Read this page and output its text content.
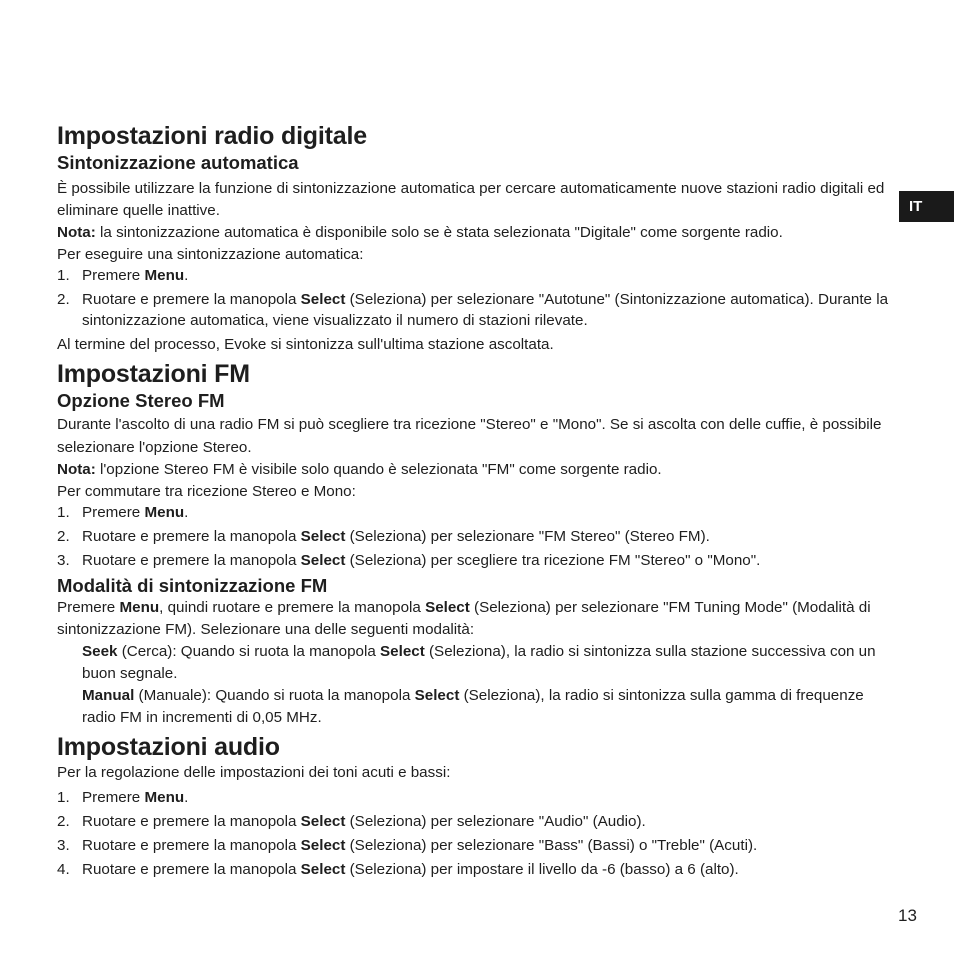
IT
Impostazioni radio digitale
Sintonizzazione automatica

È possibile utilizzare la funzione di sintonizzazione automatica per cercare automaticamente nuove stazioni radio digitali ed eliminare quelle inattive.

Nota: la sintonizzazione automatica è disponibile solo se è stata selezionata "Digitale" come sorgente radio.

Per eseguire una sintonizzazione automatica:

1. Premere Menu.
2. Ruotare e premere la manopola Select (Seleziona) per selezionare "Autotune" (Sintonizzazione automatica). Durante la sintonizzazione automatica, viene visualizzato il numero di stazioni rilevate.

Al termine del processo, Evoke si sintonizza sull'ultima stazione ascoltata.

Impostazioni FM
Opzione Stereo FM

Durante l'ascolto di una radio FM si può scegliere tra ricezione "Stereo" e "Mono". Se si ascolta con delle cuffie, è possibile selezionare l'opzione Stereo.

Nota: l'opzione Stereo FM è visibile solo quando è selezionata "FM" come sorgente radio.

Per commutare tra ricezione Stereo e Mono:

1. Premere Menu.
2. Ruotare e premere la manopola Select (Seleziona) per selezionare "FM Stereo" (Stereo FM).
3. Ruotare e premere la manopola Select (Seleziona) per scegliere tra ricezione FM "Stereo" o "Mono".
Modalità di sintonizzazione FM

Premere Menu, quindi ruotare e premere la manopola Select (Seleziona) per selezionare "FM Tuning Mode" (Modalità di sintonizzazione FM). Selezionare una delle seguenti modalità:

Seek (Cerca): Quando si ruota la manopola Select (Seleziona), la radio si sintonizza sulla stazione successiva con un buon segnale.

Manual (Manuale): Quando si ruota la manopola Select (Seleziona), la radio si sintonizza sulla gamma di frequenze radio FM in incrementi di 0,05 MHz.

Impostazioni audio

Per la regolazione delle impostazioni dei toni acuti e bassi:

1. Premere Menu.
2. Ruotare e premere la manopola Select (Seleziona) per selezionare "Audio" (Audio).
3. Ruotare e premere la manopola Select (Seleziona) per selezionare "Bass" (Bassi) o "Treble" (Acuti).
4. Ruotare e premere la manopola Select (Seleziona) per impostare il livello da -6 (basso) a 6 (alto).
13
